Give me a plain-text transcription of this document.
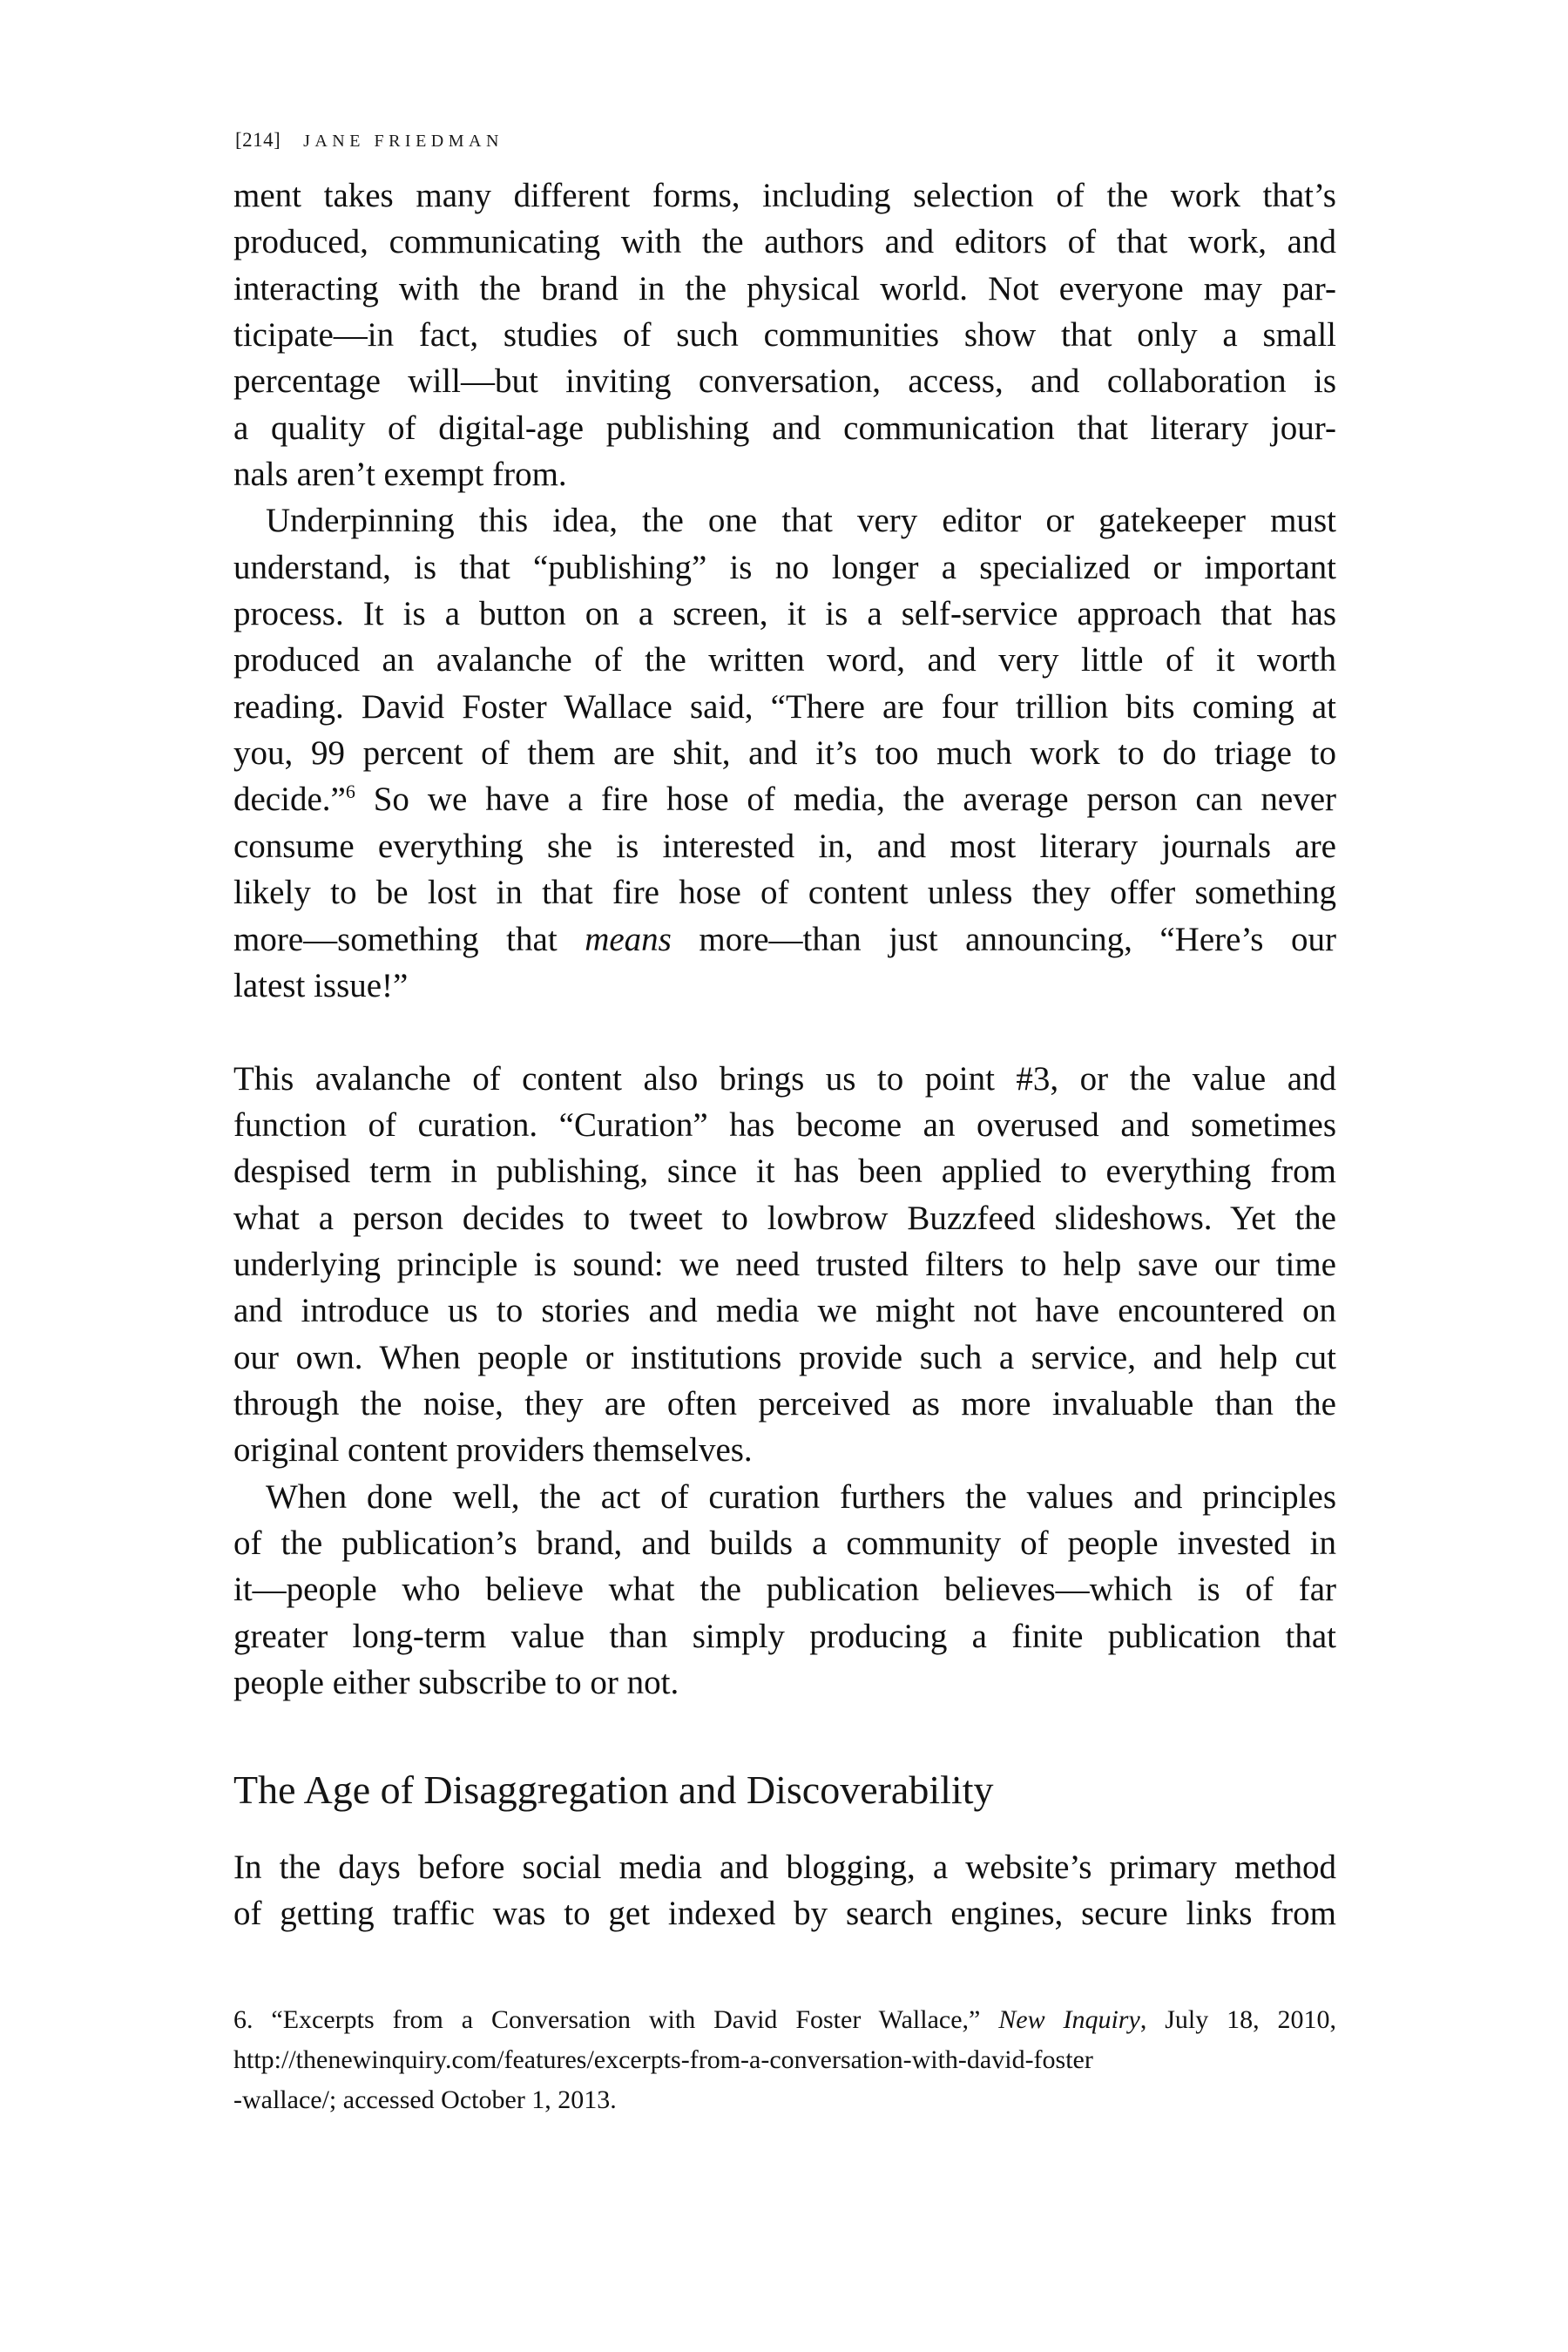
[214] JANE FRIEDMAN
ment takes many different forms, including selection of the work that’s
produced, communicating with the authors and editors of that work, and
interacting with the brand in the physical world. Not everyone may par-
ticipate—in fact, studies of such communities show that only a small
percentage will—but inviting conversation, access, and collaboration is
a quality of digital-age publishing and communication that literary jour-
nals aren’t exempt from.
Underpinning this idea, the one that very editor or gatekeeper must
understand, is that “publishing” is no longer a specialized or important
process. It is a button on a screen, it is a self-service approach that has
produced an avalanche of the written word, and very little of it worth
reading. David Foster Wallace said, “There are four trillion bits coming at
you, 99 percent of them are shit, and it’s too much work to do triage to
decide.”$^6$ So we have a fire hose of media, the average person can never
consume everything she is interested in, and most literary journals are
likely to be lost in that fire hose of content unless they offer something
more—something that means more—than just announcing, “Here’s our
latest issue!”
This avalanche of content also brings us to point #3, or the value and
function of curation. “Curation” has become an overused and sometimes
despised term in publishing, since it has been applied to everything from
what a person decides to tweet to lowbrow Buzzfeed slideshows. Yet the
underlying principle is sound: we need trusted filters to help save our time
and introduce us to stories and media we might not have encountered on
our own. When people or institutions provide such a service, and help cut
through the noise, they are often perceived as more invaluable than the
original content providers themselves.
When done well, the act of curation furthers the values and principles
of the publication’s brand, and builds a community of people invested in
it—people who believe what the publication believes—which is of far
greater long-term value than simply producing a finite publication that
people either subscribe to or not.
The Age of Disaggregation and Discoverability
In the days before social media and blogging, a website’s primary method
of getting traffic was to get indexed by search engines, secure links from
6. “Excerpts from a Conversation with David Foster Wallace,” New Inquiry, July 18, 2010,
http://thenewinquiry.com/features/excerpts-from-a-conversation-with-david-foster
-wallace/; accessed October 1, 2013.
